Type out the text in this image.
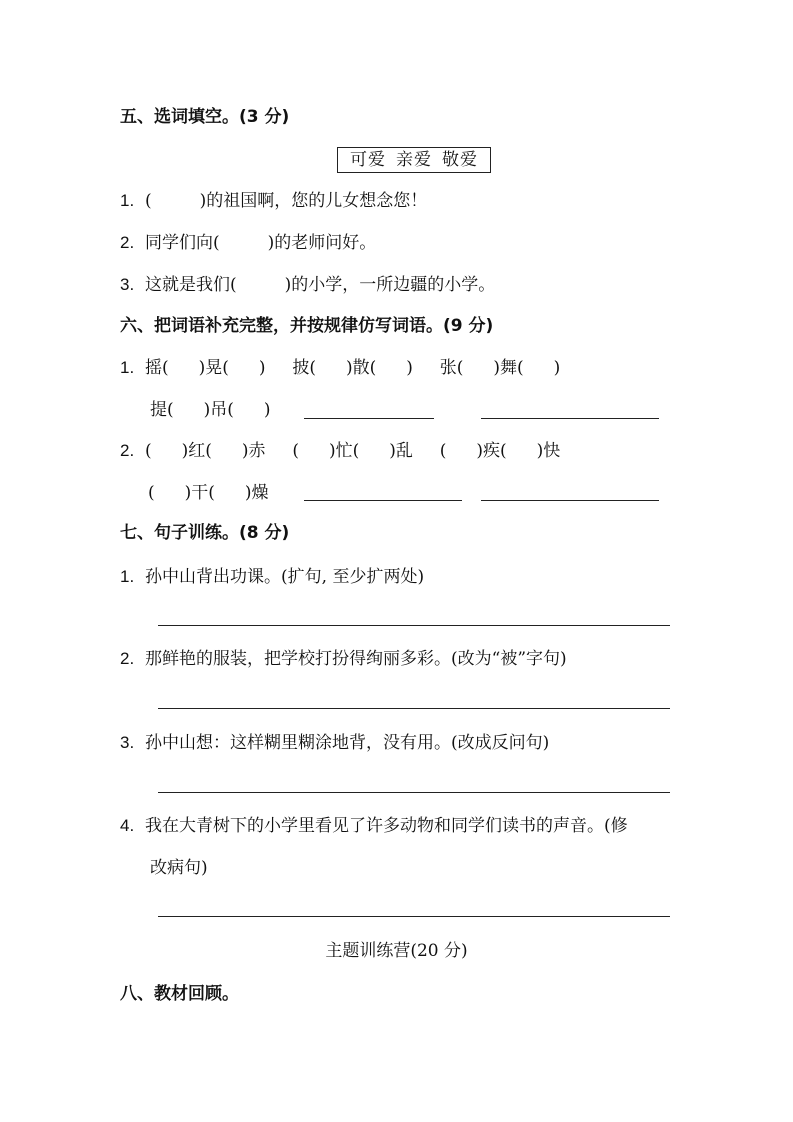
五、选词填空。(3 分)
可爱 亲爱 敬爱
1. (	)的祖国啊，您的儿女想念您！
2. 同学们向(	)的老师问好。
3. 这就是我们(	)的小学，一所边疆的小学。
六、把词语补充完整，并按规律仿写词语。(9 分)
1. 摇( )晃( ) 披( )散( ) 张( )舞( )
提( )吊( )
2. ( )红( )赤 ( )忙( )乱 ( )疾( )快
( )干( )燥
七、句子训练。(8 分)
1. 孙中山背出功课。(扩句, 至少扩两处)
2. 那鲜艳的服装，把学校打扮得绚丽多彩。(改为“被”字句)
3. 孙中山想：这样糊里糊涂地背，没有用。(改成反问句)
4. 我在大青树下的小学里看见了许多动物和同学们读书的声音。(修
改病句)
主题训练营(20 分)
八、教材回顾。
